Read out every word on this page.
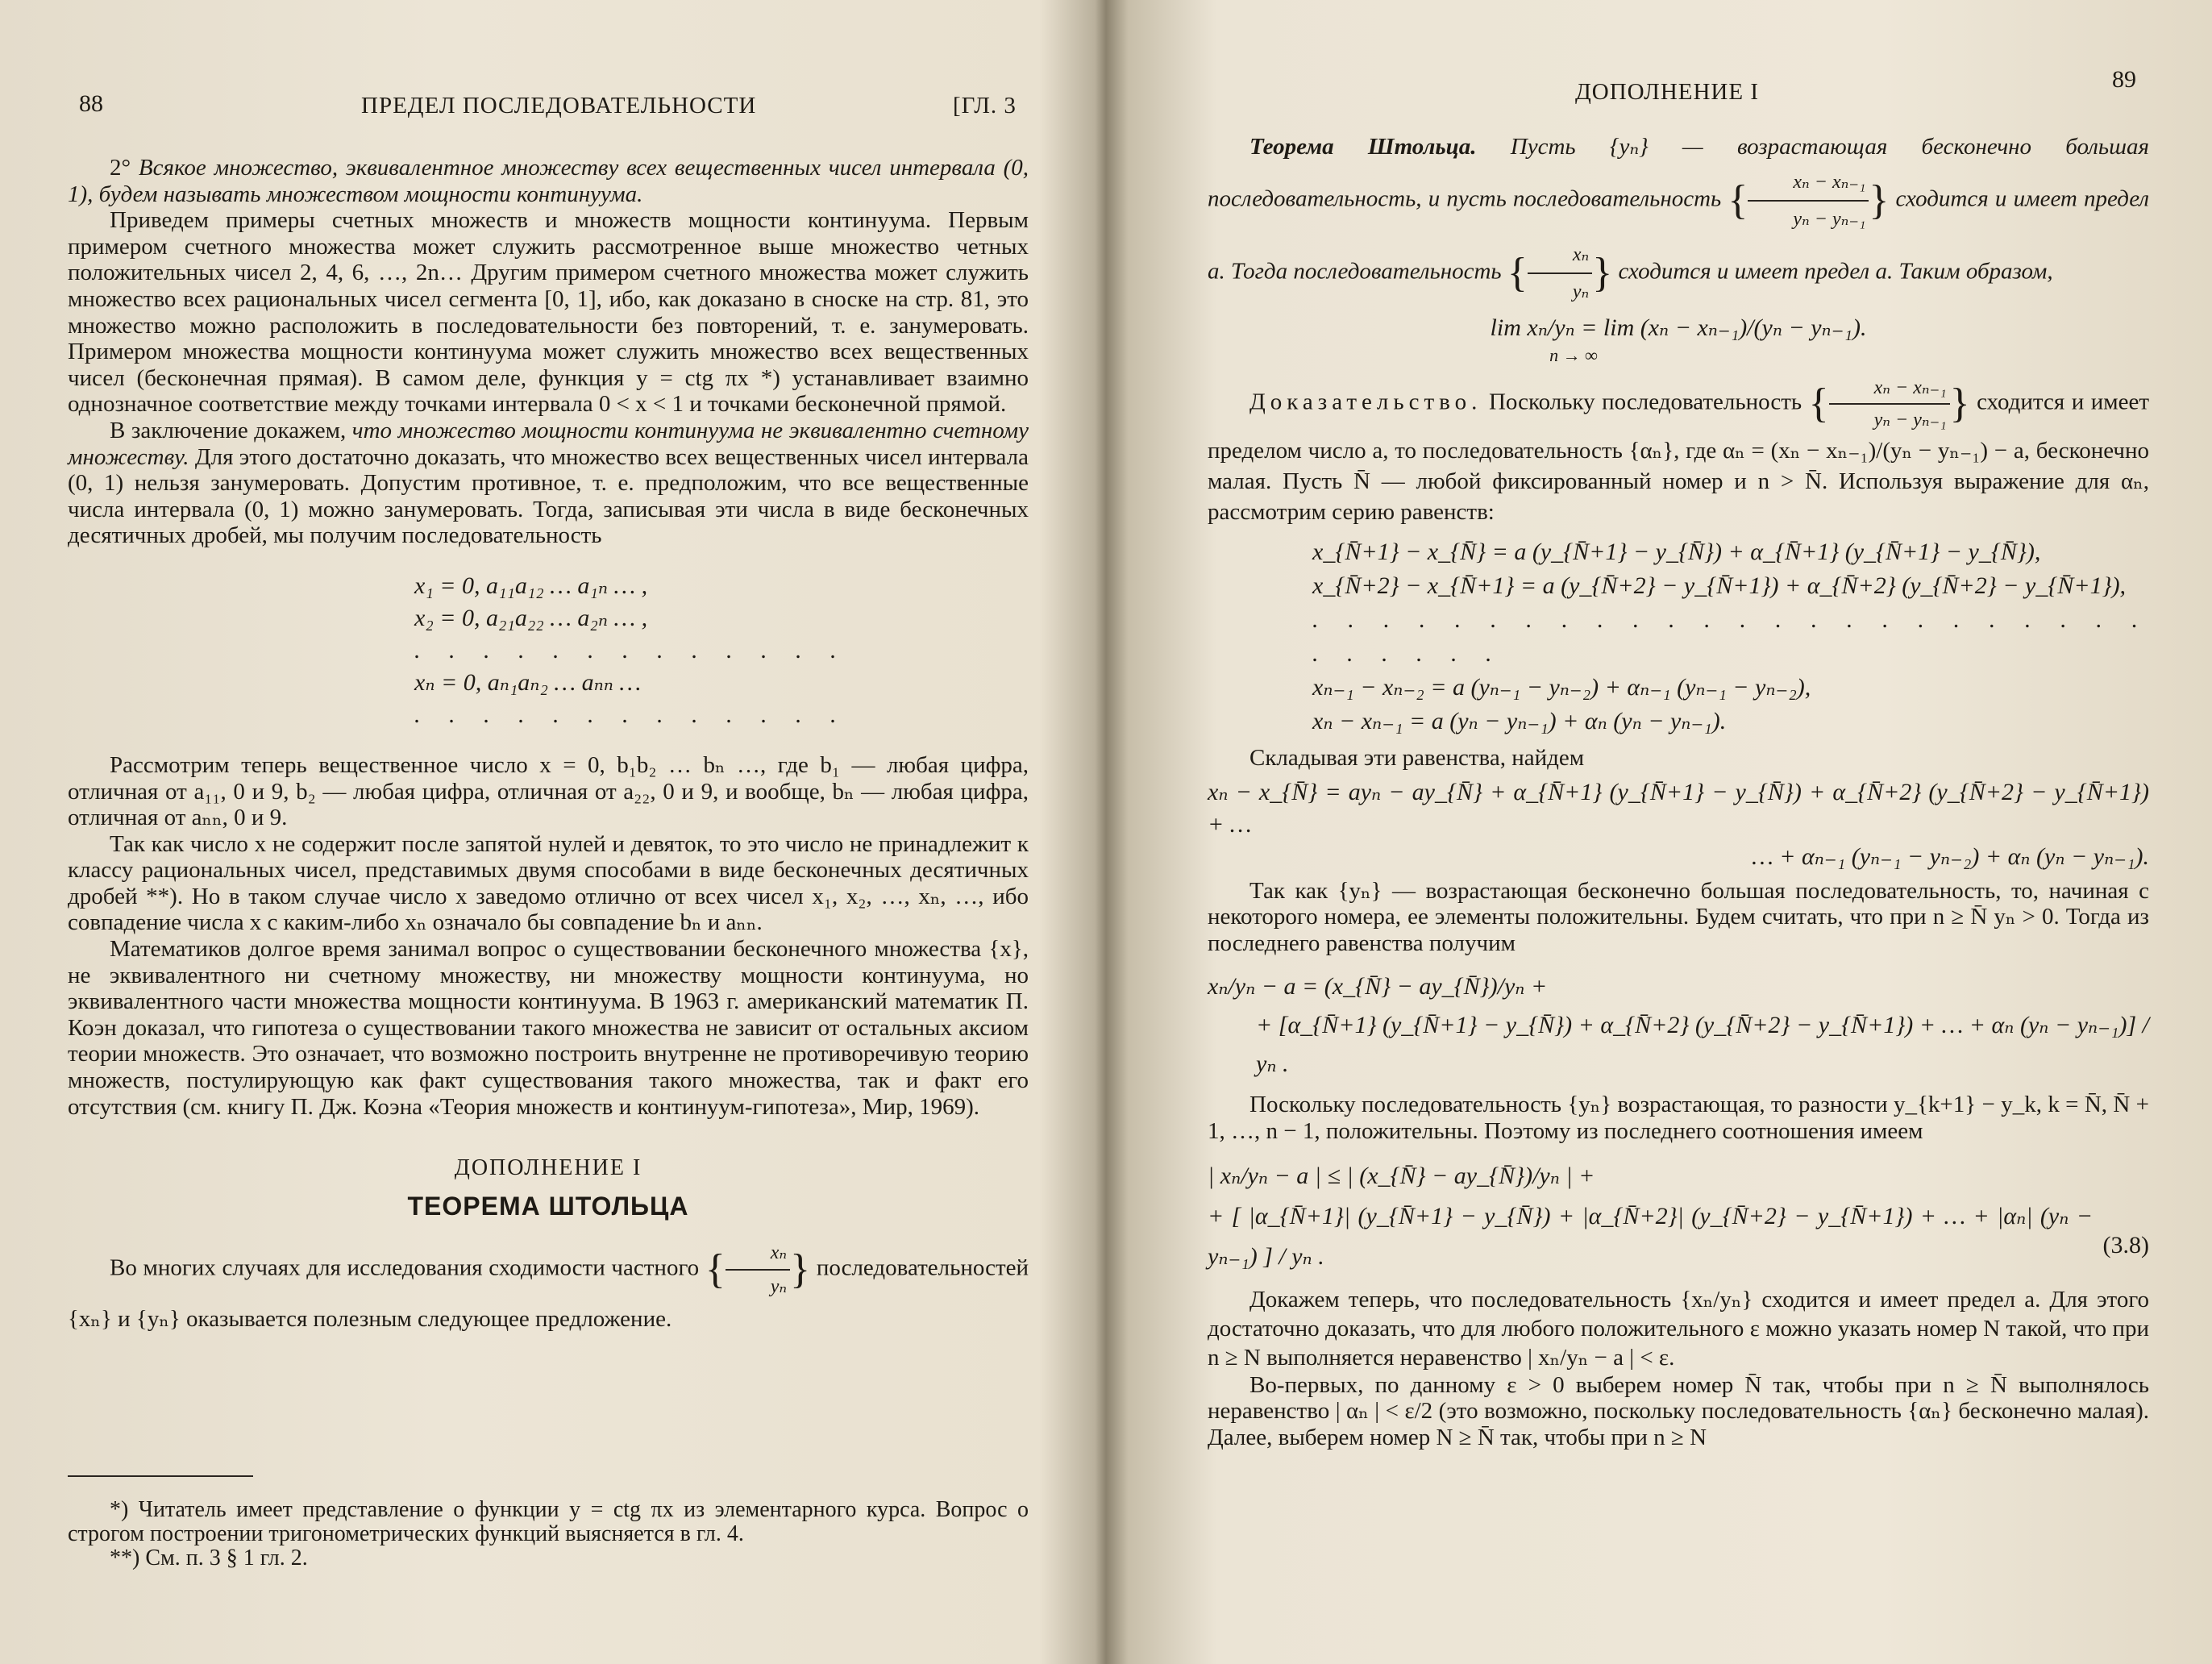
88	ПРЕДЕЛ ПОСЛЕДОВАТЕЛЬНОСТИ	[ГЛ. 3

2° Всякое множество, эквивалентное множеству всех вещественных чисел интервала (0, 1), будем называть множеством мощности континуума.

Приведем примеры счетных множеств и множеств мощности континуума. Первым примером счетного множества может служить рассмотренное выше множество четных положительных чисел 2, 4, 6, …, 2n… Другим примером счетного множества может служить множество всех рациональных чисел сегмента [0, 1], ибо, как доказано в сноске на стр. 81, это множество можно расположить в последовательности без повторений, т. е. занумеровать. Примером множества мощности континуума может служить множество всех вещественных чисел (бесконечная прямая). В самом деле, функция y = ctg πx *) устанавливает взаимно однозначное соответствие между точками интервала 0 < x < 1 и точками бесконечной прямой.

В заключение докажем, что множество мощности континуума не эквивалентно счетному множеству. Для этого достаточно доказать, что множество всех вещественных чисел интервала (0, 1) нельзя занумеровать. Допустим противное, т. е. предположим, что все вещественные числа интервала (0, 1) можно занумеровать. Тогда, записывая эти числа в виде бесконечных десятичных дробей, мы получим последовательность

x₁ = 0, a₁₁a₁₂ … a₁ₙ … ,
x₂ = 0, a₂₁a₂₂ … a₂ₙ … ,
. . . . . . . . . . . . .
xₙ = 0, aₙ₁aₙ₂ … aₙₙ …
. . . . . . . . . . . . .

Рассмотрим теперь вещественное число x = 0, b₁b₂ … bₙ …, где b₁ — любая цифра, отличная от a₁₁, 0 и 9, b₂ — любая цифра, отличная от a₂₂, 0 и 9, и вообще, bₙ — любая цифра, отличная от aₙₙ, 0 и 9.

Так как число x не содержит после запятой нулей и девяток, то это число не принадлежит к классу рациональных чисел, представимых двумя способами в виде бесконечных десятичных дробей **). Но в таком случае число x заведомо отлично от всех чисел x₁, x₂, …, xₙ, …, ибо совпадение числа x с каким-либо xₙ означало бы совпадение bₙ и aₙₙ.

Математиков долгое время занимал вопрос о существовании бесконечного множества {x}, не эквивалентного ни счетному множеству, ни множеству мощности континуума, но эквивалентного части множества мощности континуума. В 1963 г. американский математик П. Коэн доказал, что гипотеза о существовании такого множества не зависит от остальных аксиом теории множеств. Это означает, что возможно построить внутренне не противоречивую теорию множеств, постулирующую как факт существования такого множества, так и факт его отсутствия (см. книгу П. Дж. Коэна «Теория множеств и континуум-гипотеза», Мир, 1969).

ДОПОЛНЕНИЕ I
ТЕОРЕМА ШТОЛЬЦА

Во многих случаях для исследования сходимости частного { $\frac{\text{xₙ}}{\text{yₙ}}$ } последовательностей {xₙ} и {yₙ} оказывается полезным следующее предложение.

*) Читатель имеет представление о функции y = ctg πx из элементарного курса. Вопрос о строгом построении тригонометрических функций выясняется в гл. 4.

**) См. п. 3 § 1 гл. 2.

ДОПОЛНЕНИЕ I	89

Теорема Штольца. Пусть {yₙ} — возрастающая бесконечно большая последовательность, и пусть последовательность { $\frac{\text{xₙ − xₙ₋₁}}{\text{yₙ − yₙ₋₁}}$ } сходится и имеет предел a. Тогда последовательность { $\frac{\text{xₙ}}{\text{yₙ}}$ } сходится и имеет предел a. Таким образом,

lim xₙ/yₙ = lim (xₙ − xₙ₋₁)/(yₙ − yₙ₋₁).
n → ∞

Доказательство. Поскольку последовательность { $\frac{\text{xₙ − xₙ₋₁}}{\text{yₙ − yₙ₋₁}}$ } сходится и имеет пределом число a, то последовательность {αₙ}, где αₙ = (xₙ − xₙ₋₁)/(yₙ − yₙ₋₁) − a, бесконечно малая. Пусть N̄ — любой фиксированный номер и n > N̄. Используя выражение для αₙ, рассмотрим серию равенств:

x_{N̄+1} − x_{N̄} = a (y_{N̄+1} − y_{N̄}) + α_{N̄+1} (y_{N̄+1} − y_{N̄}),
x_{N̄+2} − x_{N̄+1} = a (y_{N̄+2} − y_{N̄+1}) + α_{N̄+2} (y_{N̄+2} − y_{N̄+1}),
. . . . . . . . . . . . . . . . . . . . . . . . . . . . . .
xₙ₋₁ − xₙ₋₂ = a (yₙ₋₁ − yₙ₋₂) + αₙ₋₁ (yₙ₋₁ − yₙ₋₂),
xₙ − xₙ₋₁ = a (yₙ − yₙ₋₁) + αₙ (yₙ − yₙ₋₁).

Складывая эти равенства, найдем

xₙ − x_{N̄} = ayₙ − ay_{N̄} + α_{N̄+1} (y_{N̄+1} − y_{N̄}) + α_{N̄+2} (y_{N̄+2} − y_{N̄+1}) + …
… + αₙ₋₁ (yₙ₋₁ − yₙ₋₂) + αₙ (yₙ − yₙ₋₁).

Так как {yₙ} — возрастающая бесконечно большая последовательность, то, начиная с некоторого номера, ее элементы положительны. Будем считать, что при n ≥ N̄ yₙ > 0. Тогда из последнего равенства получим

xₙ/yₙ − a = (x_{N̄} − ay_{N̄})/yₙ +
+ [α_{N̄+1} (y_{N̄+1} − y_{N̄}) + α_{N̄+2} (y_{N̄+2} − y_{N̄+1}) + … + αₙ (yₙ − yₙ₋₁)] / yₙ .

Поскольку последовательность {yₙ} возрастающая, то разности y_{k+1} − y_k, k = N̄, N̄ + 1, …, n − 1, положительны. Поэтому из последнего соотношения имеем

| xₙ/yₙ − a | ≤ | (x_{N̄} − ay_{N̄})/yₙ | +
+ [ |α_{N̄+1}| (y_{N̄+1} − y_{N̄}) + |α_{N̄+2}| (y_{N̄+2} − y_{N̄+1}) + … + |αₙ| (yₙ − yₙ₋₁) ] / yₙ .	(3.8)

Докажем теперь, что последовательность {xₙ/yₙ} сходится и имеет предел a. Для этого достаточно доказать, что для любого положительного ε можно указать номер N такой, что при n ≥ N выполняется неравенство | xₙ/yₙ − a | < ε.

Во-первых, по данному ε > 0 выберем номер N̄ так, чтобы при n ≥ N̄ выполнялось неравенство | αₙ | < ε/2 (это возможно, поскольку последовательность {αₙ} бесконечно малая). Далее, выберем номер N ≥ N̄ так, чтобы при n ≥ N
